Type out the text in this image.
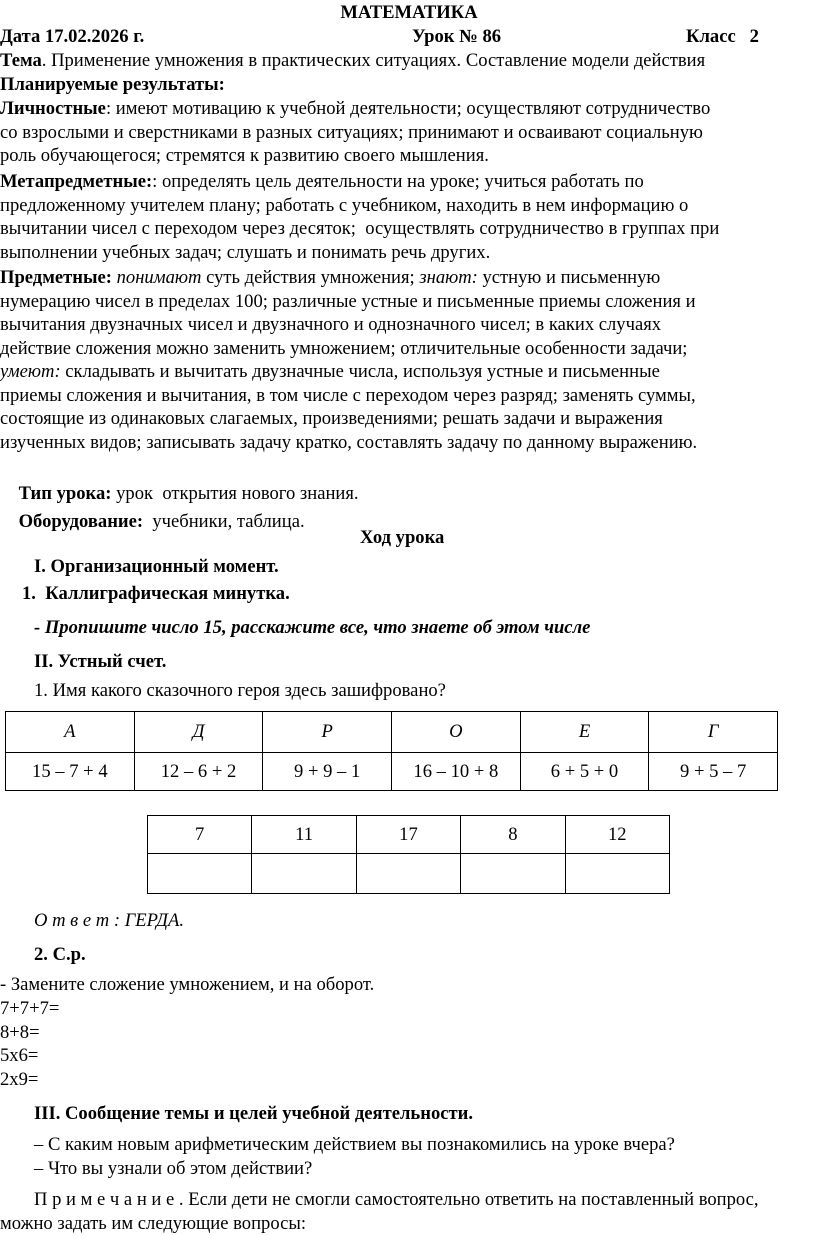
МАТЕМАТИКА
Дата 17.02.2026 г.	Урок № 86	Класс   2
Тема. Применение умножения в практических ситуациях. Составление модели действия
Планируемые результаты:
Личностные: имеют мотивацию к учебной деятельности; осуществляют сотрудничество
со взрослыми и сверстниками в разных ситуациях; принимают и осваивают социальную
роль обучающегося; стремятся к развитию своего мышления.
Метапредметные:: определять цель деятельности на уроке; учиться работать по
предложенному учителем плану; работать с учебником, находить в нем информацию о
вычитании чисел с переходом через десяток;  осуществлять сотрудничество в группах при
выполнении учебных задач; слушать и понимать речь других.
Предметные: понимают суть действия умножения; знают: устную и письменную
нумерацию чисел в пределах 100; различные устные и письменные приемы сложения и
вычитания двузначных чисел и двузначного и однозначного чисел; в каких случаях
действие сложения можно заменить умножением; отличительные особенности задачи;
умеют: складывать и вычитать двузначные числа, используя устные и письменные
приемы сложения и вычитания, в том числе с переходом через разряд; заменять суммы,
состоящие из одинаковых слагаемых, произведениями; решать задачи и выражения
изученных видов; записывать задачу кратко, составлять задачу по данному выражению.

Тип урока: урок  открытия нового знания.

Оборудование:  учебники, таблица.

Ход урока
I. Организационный момент.
1.  Каллиграфическая минутка.
- Пропишите число 15, расскажите все, что знаете об этом числе
II. Устный счет.
1. Имя какого сказочного героя здесь зашифровано?
А	Д	Р	О	Е	Г
15 – 7 + 4	12 – 6 + 2	9 + 9 – 1	16 – 10 + 8	6 + 5 + 0	9 + 5 – 7
7	11	17	8	12

О т в е т : ГЕРДА.
2. С.р.
- Замените сложение умножением, и на оборот.
7+7+7=
8+8=
5х6=
2х9=
III. Сообщение темы и целей учебной деятельности.
– С каким новым арифметическим действием вы познакомились на уроке вчера?
– Что вы узнали об этом действии?
П р и м е ч а н и е . Если дети не смогли самостоятельно ответить на поставленный вопрос,
можно задать им следующие вопросы:
